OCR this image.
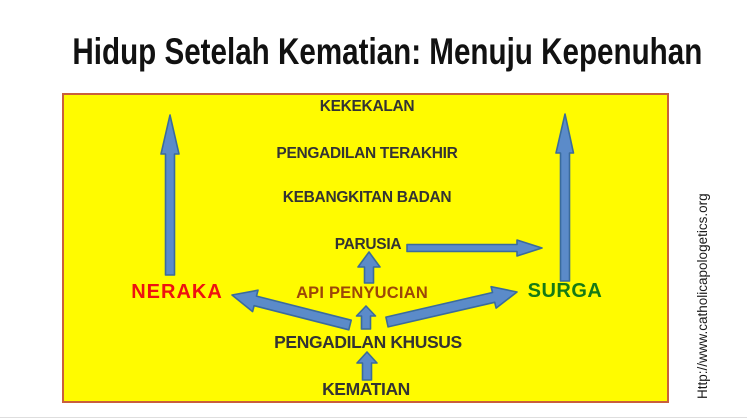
Hidup Setelah Kematian: Menuju Kepenuhan
KEKEKALAN
PENGADILAN TERAKHIR
KEBANGKITAN BADAN
PARUSIA
NERAKA	API PENYUCIAN	SURGA
PENGADILAN KHUSUS
KEMATIAN	Http://www.catholicapologetics.org
